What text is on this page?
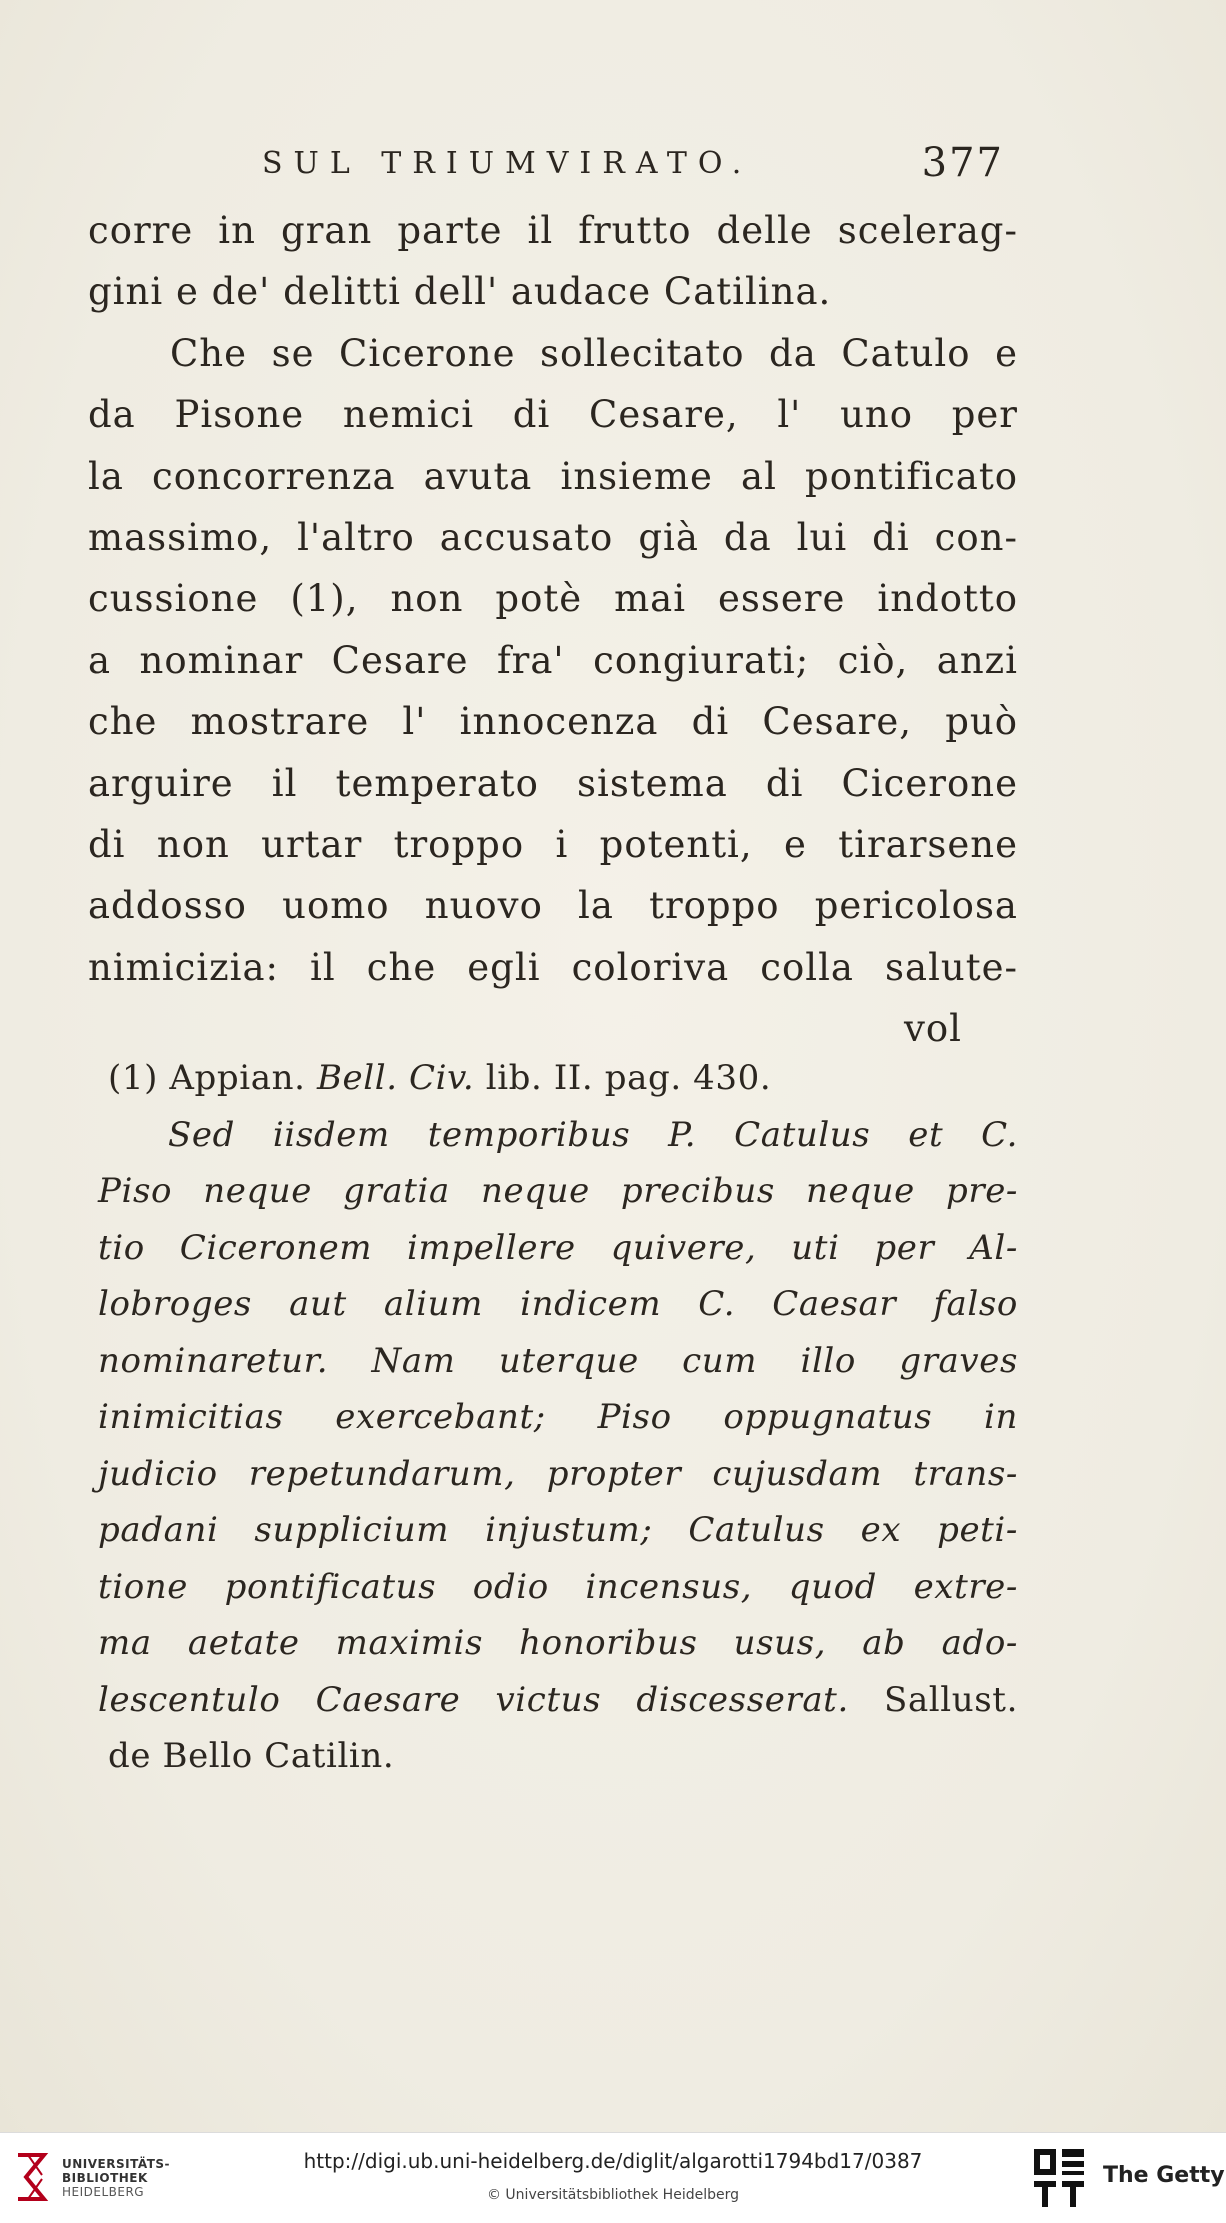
SUL TRIUMVIRATO.	377
corre in gran parte il frutto delle scelerag-
gini e de' delitti dell' audace Catilina.
Che se Cicerone sollecitato da Catulo e
da Pisone nemici di Cesare, l' uno per
la concorrenza avuta insieme al pontificato
massimo, l'altro accusato già da lui di con-
cussione (1), non potè mai essere indotto
a nominar Cesare fra' congiurati; ciò, anzi
che mostrare l' innocenza di Cesare, può
arguire il temperato sistema di Cicerone
di non urtar troppo i potenti, e tirarsene
addosso uomo nuovo la troppo pericolosa
nimicizia: il che egli coloriva colla salute-
vol
(1) Appian. Bell. Civ. lib. II. pag. 430.
Sed iisdem temporibus P. Catulus et C.
Piso neque gratia neque precibus neque pre-
tio Ciceronem impellere quivere, uti per Al-
lobroges aut alium indicem C. Caesar falso
nominaretur. Nam uterque cum illo graves
inimicitias exercebant; Piso oppugnatus in
judicio repetundarum, propter cujusdam trans-
padani supplicium injustum; Catulus ex peti-
tione pontificatus odio incensus, quod extre-
ma aetate maximis honoribus usus, ab ado-
lescentulo Caesare victus discesserat. Sallust.
de Bello Catilin.
UNIVERSITÄTS-
BIBLIOTHEK
HEIDELBERG
http://digi.ub.uni-heidelberg.de/diglit/algarotti1794bd17/0387
© Universitätsbibliothek Heidelberg
The Getty
